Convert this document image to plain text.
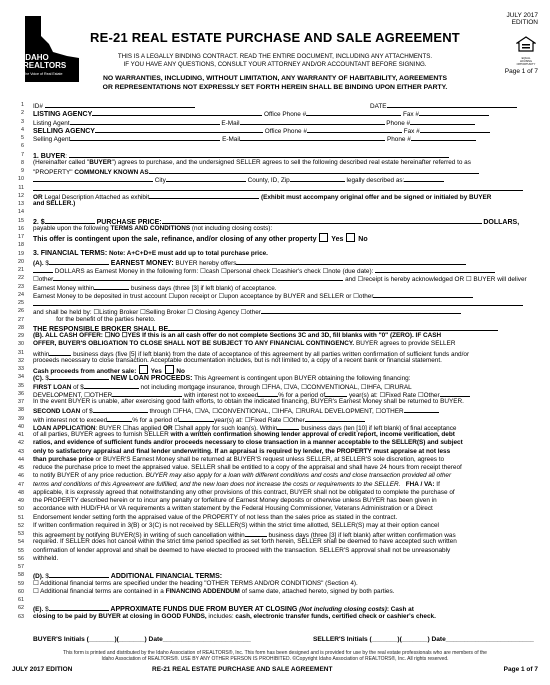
IDAHO REALTORS
The Voice of Real Estate
JULY 2017
EDITION
EQUAL HOUSING OPPORTUNITY
Page 1 of 7
RE-21 REAL ESTATE PURCHASE AND SALE AGREEMENT
THIS IS A LEGALLY BINDING CONTRACT. READ THE ENTIRE DOCUMENT, INCLUDING ANY ATTACHMENTS.
IF YOU HAVE ANY QUESTIONS, CONSULT YOUR ATTORNEY AND/OR ACCOUNTANT BEFORE SIGNING.
NO WARRANTIES, INCLUDING, WITHOUT LIMITATION, ANY WARRANTY OF HABITABILITY, AGREEMENTS
OR REPRESENTATIONS NOT EXPRESSLY SET FORTH HEREIN SHALL BE BINDING UPON EITHER PARTY.
1 ID#	DATE
2 LISTING AGENCY	Office Phone #	Fax #
3 Listing Agent	E-Mail	Phone #
4 SELLING AGENCY	Office Phone #	Fax #
5 Selling Agent	E-Mail	Phone #
6
7 1. BUYER:
8 (Hereinafter called "BUYER") agrees to purchase, and the undersigned SELLER agrees to sell the following described real estate hereinafter referred to as
9 "PROPERTY" COMMONLY KNOWN AS
10	City	County, ID, Zip	legally described as:
11
12 OR Legal Description Attached as exhibit	(Exhibit must accompany original offer and be signed or initialed by BUYER
13 and SELLER.)
14
15 2. $	PURCHASE PRICE:	DOLLARS,
16 payable upon the following TERMS AND CONDITIONS (not including closing costs):
17 This offer is contingent upon the sale, refinance, and/or closing of any other property  Yes  No
18
19 3. FINANCIAL TERMS: Note: A+C+D+E must add up to total purchase price.
20 (A). $	EARNEST MONEY: BUYER hereby offers
21	DOLLARS as Earnest Money in the following form: ☐cash ☐personal check ☐cashier's check ☐note (due date):
22 ☐other	and ☐receipt is hereby acknowledged OR ☐ BUYER will deliver
23 Earnest Money within	business days (three [3] if left blank) of acceptance.
24 Earnest Money to be deposited in trust account ☐upon receipt or ☐upon acceptance by BUYER and SELLER or ☐other
25
26 and shall be held by: ☐Listing Broker ☐Selling Broker ☐ Closing Agency ☐other
27 for the benefit of the parties hereto.
28 THE RESPONSIBLE BROKER SHALL BE
29 (B). ALL CASH OFFER: ☐NO ☐YES If this is an all cash offer do not complete Sections 3C and 3D, fill blanks with "0" (ZERO). IF CASH
30 OFFER, BUYER'S OBLIGATION TO CLOSE SHALL NOT BE SUBJECT TO ANY FINANCIAL CONTINGENCY. BUYER agrees to provide SELLER
31 within	business days (five [5] if left blank) from the date of acceptance of this agreement by all parties written confirmation of sufficient funds and/or
32 proceeds necessary to close transaction. Acceptable documentation includes, but is not limited to, a copy of a recent bank or financial statement.
33 Cash proceeds from another sale:  Yes  No
34 (C). $	NEW LOAN PROCEEDS: This Agreement is contingent upon BUYER obtaining the following financing:
35 FIRST LOAN of $	not including mortgage insurance, through ☐FHA, ☐VA, ☐CONVENTIONAL, ☐IHFA, ☐RURAL
36 DEVELOPMENT, ☐OTHER	with interest not to exceed	% for a period of	year(s) at: ☐Fixed Rate ☐Other
37 In the event BUYER is unable, after exercising good faith efforts, to obtain the indicated financing, BUYER's Earnest Money shall be returned to BUYER.
38 SECOND LOAN of $	through ☐FHA, ☐VA, ☐CONVENTIONAL, ☐IHFA, ☐RURAL DEVELOPMENT, ☐OTHER
39 with interest not to exceed	% for a period of	year(s) at: ☐Fixed Rate ☐Other
40 LOAN APPLICATION: BUYER ☐has applied OR ☐shall apply for such loan(s). Within	business days (ten [10] if left blank) of final acceptance
41 of all parties, BUYER agrees to furnish SELLER with a written confirmation showing lender approval of credit report, income verification, debt
42 ratios, and evidence of sufficient funds and/or proceeds necessary to close transaction in a manner acceptable to the SELLER(S) and subject
43 only to satisfactory appraisal and final lender underwriting. If an appraisal is required by lender, the PROPERTY must appraise at not less
44 than purchase price or BUYER'S Earnest Money shall be returned at BUYER'S request unless SELLER, at SELLER'S sole discretion, agrees to
45 reduce the purchase price to meet the appraised value. SELLER shall be entitled to a copy of the appraisal and shall have 24 hours from receipt thereof
46 to notify BUYER of any price reduction. BUYER may also apply for a loan with different conditions and costs and close transaction provided all other
47 terms and conditions of this Agreement are fulfilled, and the new loan does not increase the costs or requirements to the SELLER. FHA / VA: If
48 applicable, it is expressly agreed that notwithstanding any other provisions of this contract, BUYER shall not be obligated to complete the purchase of
49 the PROPERTY described herein or to incur any penalty or forfeiture of Earnest Money deposits or otherwise unless BUYER has been given in
50 accordance with HUD/FHA or VA requirements a written statement by the Federal Housing Commissioner, Veterans Administration or a Direct
51 Endorsement lender setting forth the appraised value of the PROPERTY of not less than the sales price as stated in the contract.
52 If written confirmation required in 3(B) or 3(C) is not received by SELLER(S) within the strict time allotted, SELLER(S) may at their option cancel
53 this agreement by notifying BUYER(S) in writing of such cancellation within	business days (three [3] if left blank) after written confirmation was
54 required. If SELLER does not cancel within the strict time period specified as set forth herein, SELLER shall be deemed to have accepted such written
55 confirmation of lender approval and shall be deemed to have elected to proceed with the transaction. SELLER'S approval shall not be unreasonably
56 withheld.
57
58 (D). $	ADDITIONAL FINANCIAL TERMS:
59 ☐ Additional financial terms are specified under the heading "OTHER TERMS AND/OR CONDITIONS" (Section 4).
60 ☐ Additional financial terms are contained in a FINANCING ADDENDUM of same date, attached hereto, signed by both parties.
61
62 (E). $	APPROXIMATE FUNDS DUE FROM BUYER AT CLOSING (Not including closing costs): Cash at
63 closing to be paid by BUYER at closing in GOOD FUNDS, includes: cash, electronic transfer funds, certified check or cashier's check.
BUYER'S Initials (_______)(_______) Date________________________	SELLER'S Initials (_______)(_______) Date________________________
This form is printed and distributed by the Idaho Association of REALTORS®, Inc. This form has been designed and is provided for use by the real estate professionals who are members of the
Idaho Association of REALTORS®. USE BY ANY OTHER PERSON IS PROHIBITED. ©Copyright Idaho Association of REALTORS®, Inc. All rights reserved.
JULY 2017 EDITION	RE-21 REAL ESTATE PURCHASE AND SALE AGREEMENT	Page 1 of 7
